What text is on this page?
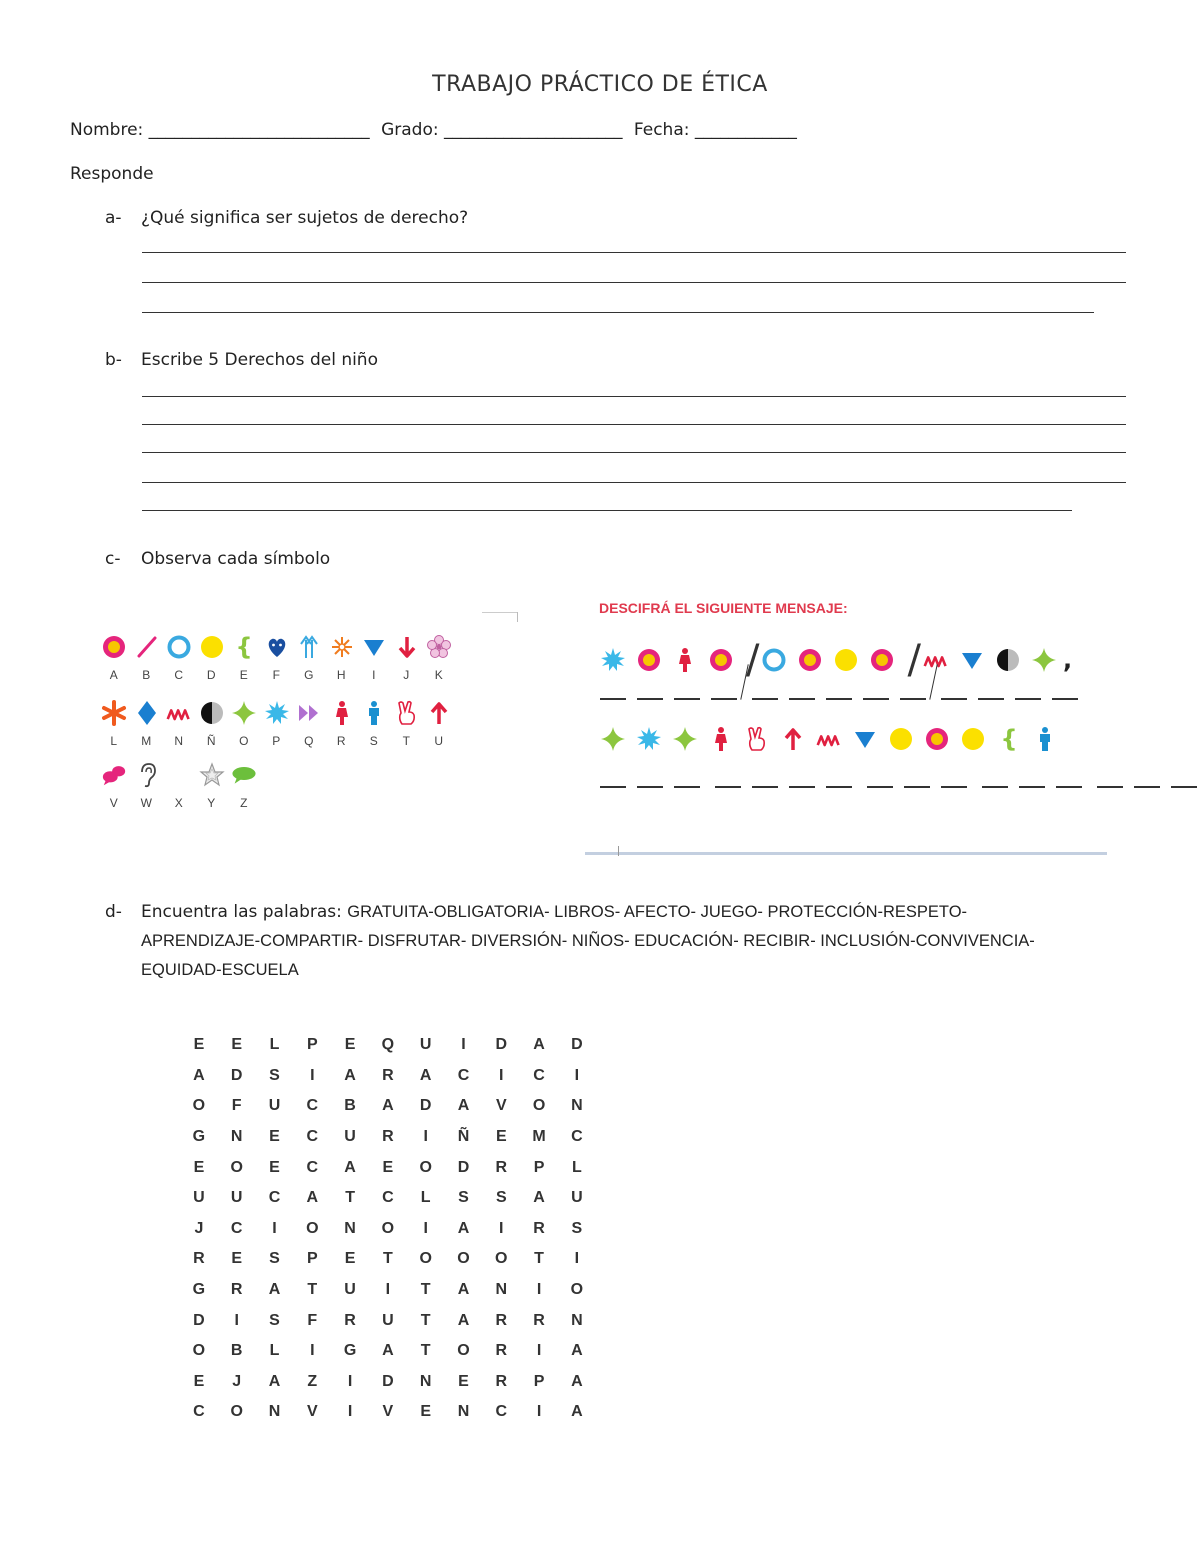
TRABAJO PRÁCTICO DE ÉTICA
Nombre: __________________________ Grado: _____________________ Fecha: ____________
Responde
a- ¿Qué significa ser sujetos de derecho?
b- Escribe 5 Derechos del niño
c- Observa cada símbolo
A B C D
{
E F G H I J K
L M N Ñ O P Q R S T U
V W X Y Z
DESCIFRÁ EL SIGUIENTE MENSAJE:
/	/	,
{
d- Encuentra las palabras: GRATUITA-OBLIGATORIA- LIBROS- AFECTO- JUEGO- PROTECCIÓN-RESPETO-
APRENDIZAJE-COMPARTIR- DISFRUTAR- DIVERSIÓN- NIÑOS- EDUCACIÓN- RECIBIR- INCLUSIÓN-CONVIVENCIA-
EQUIDAD-ESCUELA
E	E	L	P	E	Q	U	I	D	A	D
A	D	S	I	A	R	A	C	I	C	I
O	F	U	C	B	A	D	A	V	O	N
G	N	E	C	U	R	I	Ñ	E	M	C
E	O	E	C	A	E	O	D	R	P	L
U	U	C	A	T	C	L	S	S	A	U
J	C	I	O	N	O	I	A	I	R	S
R	E	S	P	E	T	O	O	O	T	I
G	R	A	T	U	I	T	A	N	I	O
D	I	S	F	R	U	T	A	R	R	N
O	B	L	I	G	A	T	O	R	I	A
E	J	A	Z	I	D	N	E	R	P	A
C	O	N	V	I	V	E	N	C	I	A
